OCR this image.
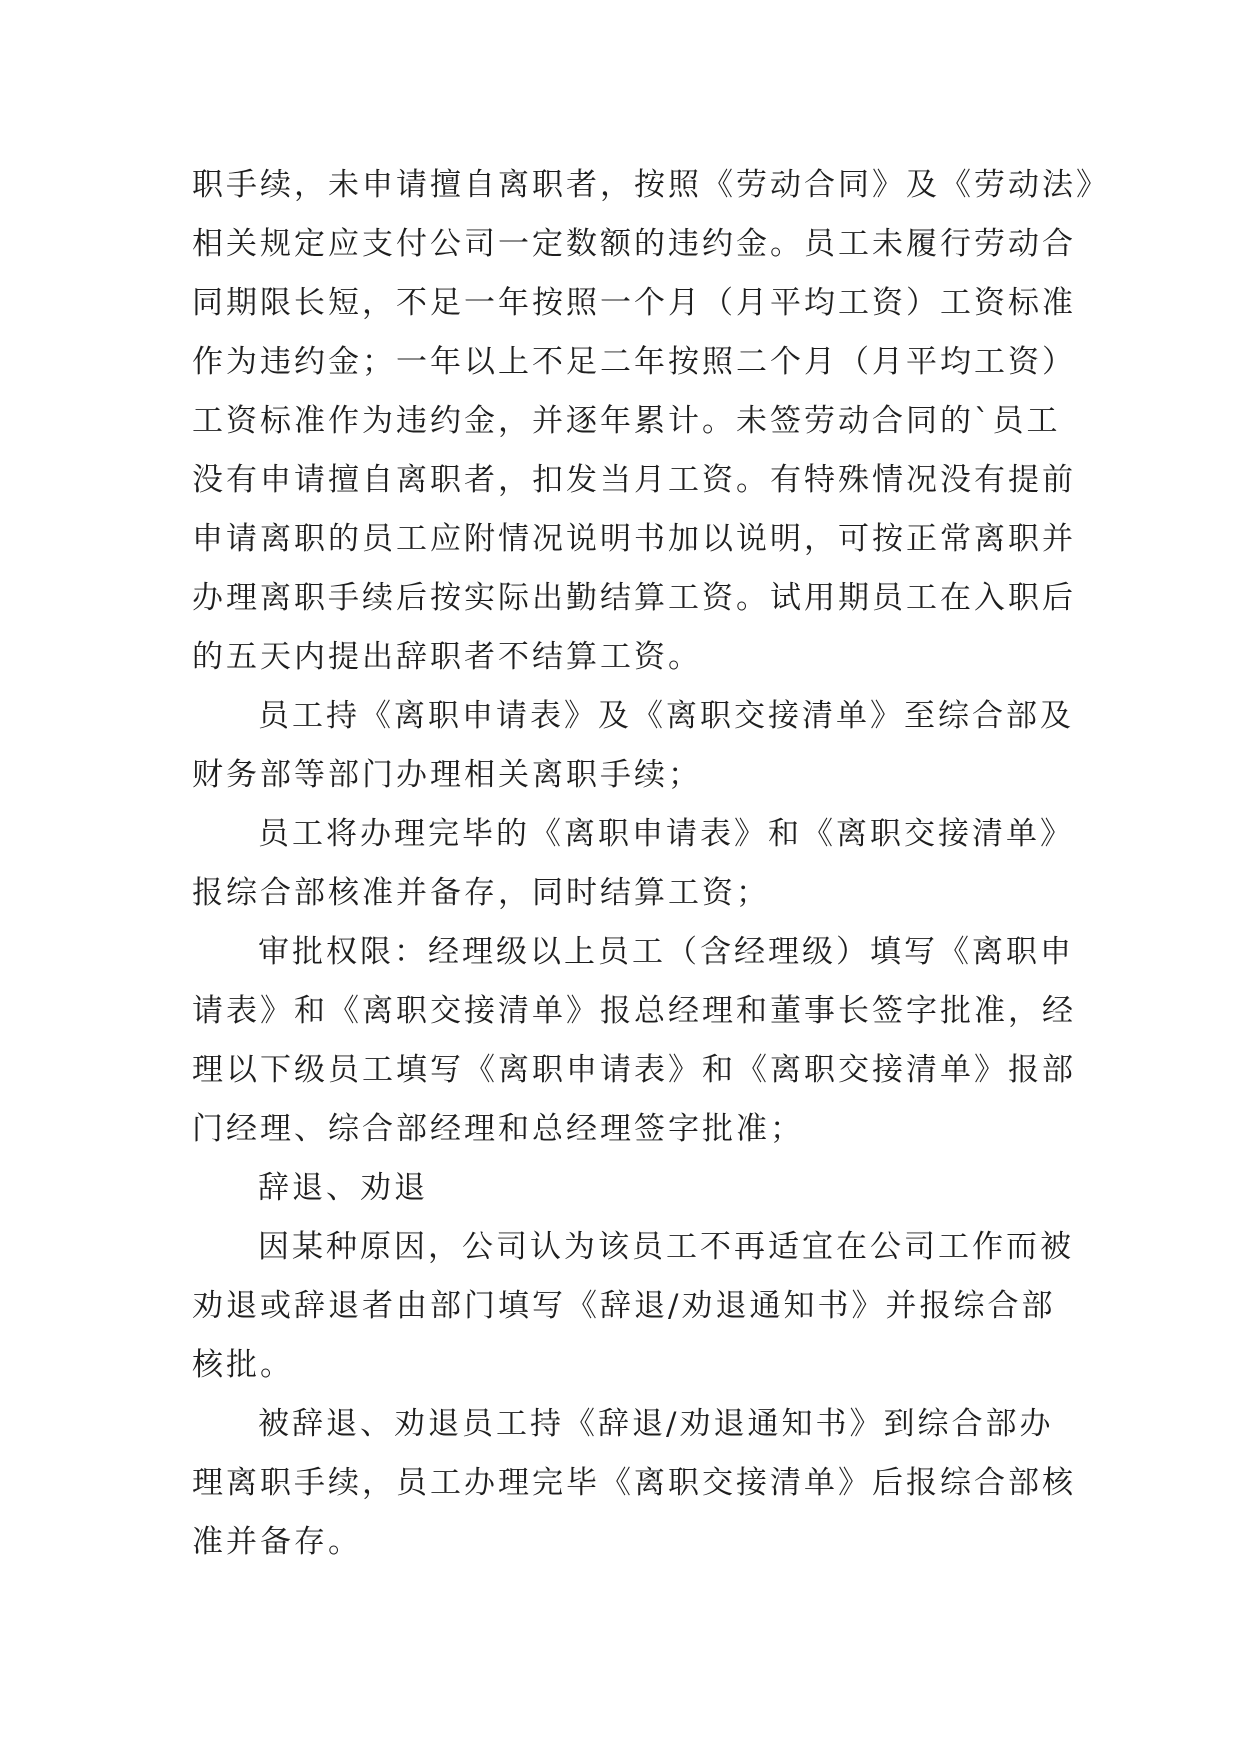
职手续，未申请擅自离职者，按照《劳动合同》及《劳动法》
相关规定应支付公司一定数额的违约金。员工未履行劳动合
同期限长短，不足一年按照一个月（月平均工资）工资标准
作为违约金；一年以上不足二年按照二个月（月平均工资）
工资标准作为违约金，并逐年累计。未签劳动合同的`员工
没有申请擅自离职者，扣发当月工资。有特殊情况没有提前
申请离职的员工应附情况说明书加以说明，可按正常离职并
办理离职手续后按实际出勤结算工资。试用期员工在入职后
的五天内提出辞职者不结算工资。
员工持《离职申请表》及《离职交接清单》至综合部及
财务部等部门办理相关离职手续；
员工将办理完毕的《离职申请表》和《离职交接清单》
报综合部核准并备存，同时结算工资；
审批权限：经理级以上员工（含经理级）填写《离职申
请表》和《离职交接清单》报总经理和董事长签字批准，经
理以下级员工填写《离职申请表》和《离职交接清单》报部
门经理、综合部经理和总经理签字批准；
辞退、劝退
因某种原因，公司认为该员工不再适宜在公司工作而被
劝退或辞退者由部门填写《辞退/劝退通知书》并报综合部
核批。
被辞退、劝退员工持《辞退/劝退通知书》到综合部办
理离职手续，员工办理完毕《离职交接清单》后报综合部核
准并备存。
